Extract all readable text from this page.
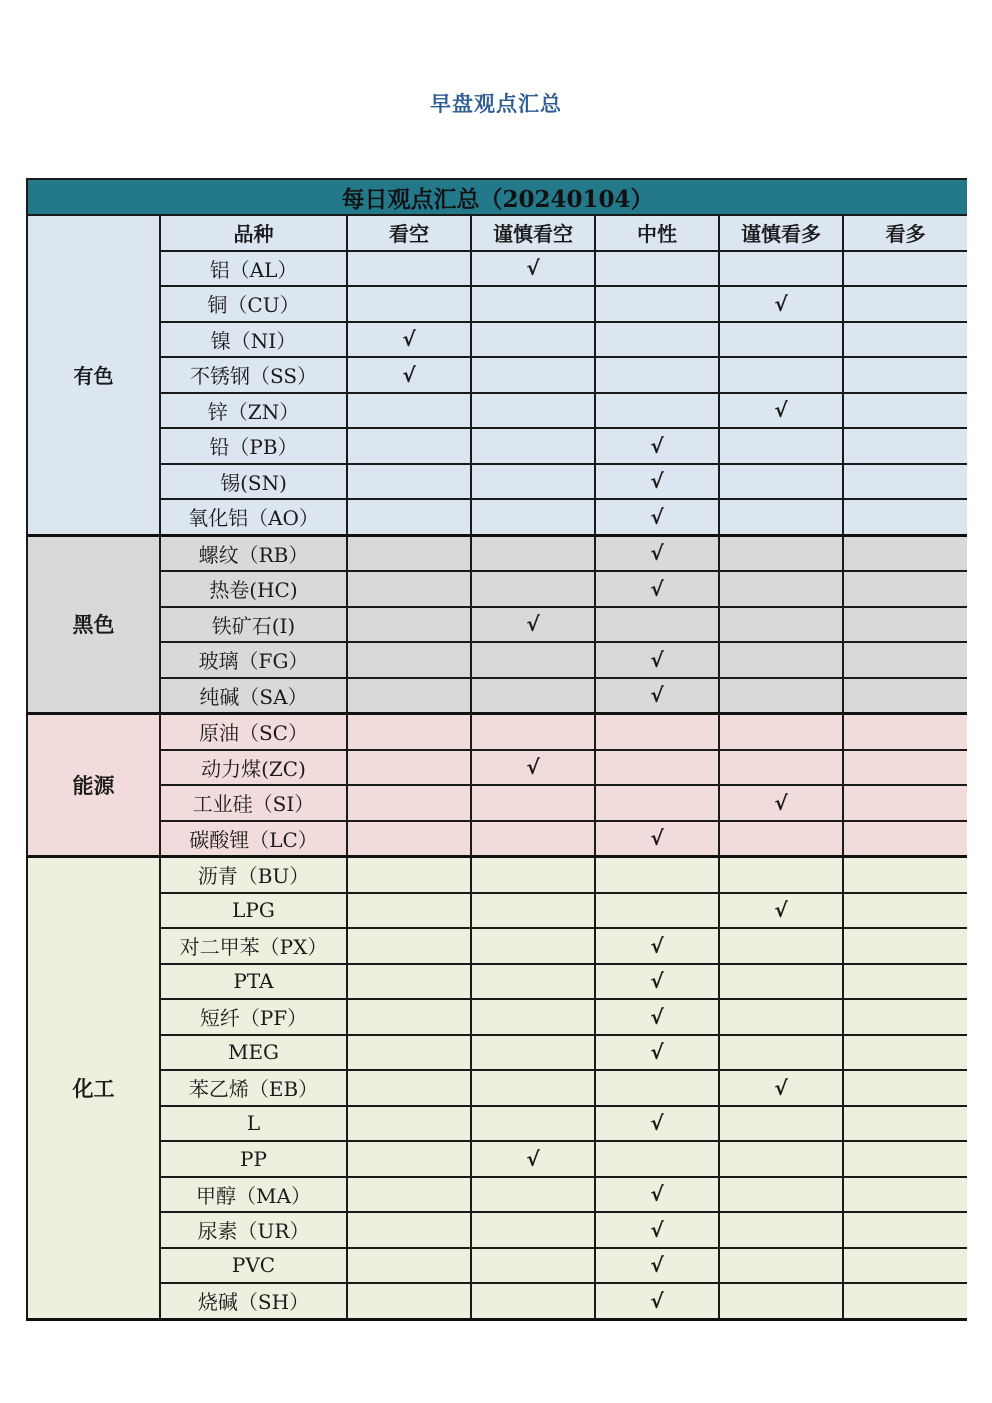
早盘观点汇总
每日观点汇总（20240104）						
有色	品种	看空	谨慎看空	中性	谨慎看多	看多
	铝（AL）		√			
	铜（CU）				√	
	镍（NI）	√				
	不锈钢（SS）	√				
	锌（ZN）				√	
	铅（PB）			√		
	锡(SN)			√		
	氧化铝（AO）			√		
黑色	螺纹（RB）			√		
	热卷(HC)			√		
	铁矿石(I)		√			
	玻璃（FG）			√		
	纯碱（SA）			√		
能源	原油（SC）					
	动力煤(ZC)		√			
	工业硅（SI）				√	
	碳酸锂（LC）			√		
化工	沥青（BU）					
	LPG				√	
	对二甲苯（PX）			√		
	PTA			√		
	短纤（PF）			√		
	MEG			√		
	苯乙烯（EB）				√	
	L			√		
	PP		√			
	甲醇（MA）			√		
	尿素（UR）			√		
	PVC			√		
	烧碱（SH）			√		
